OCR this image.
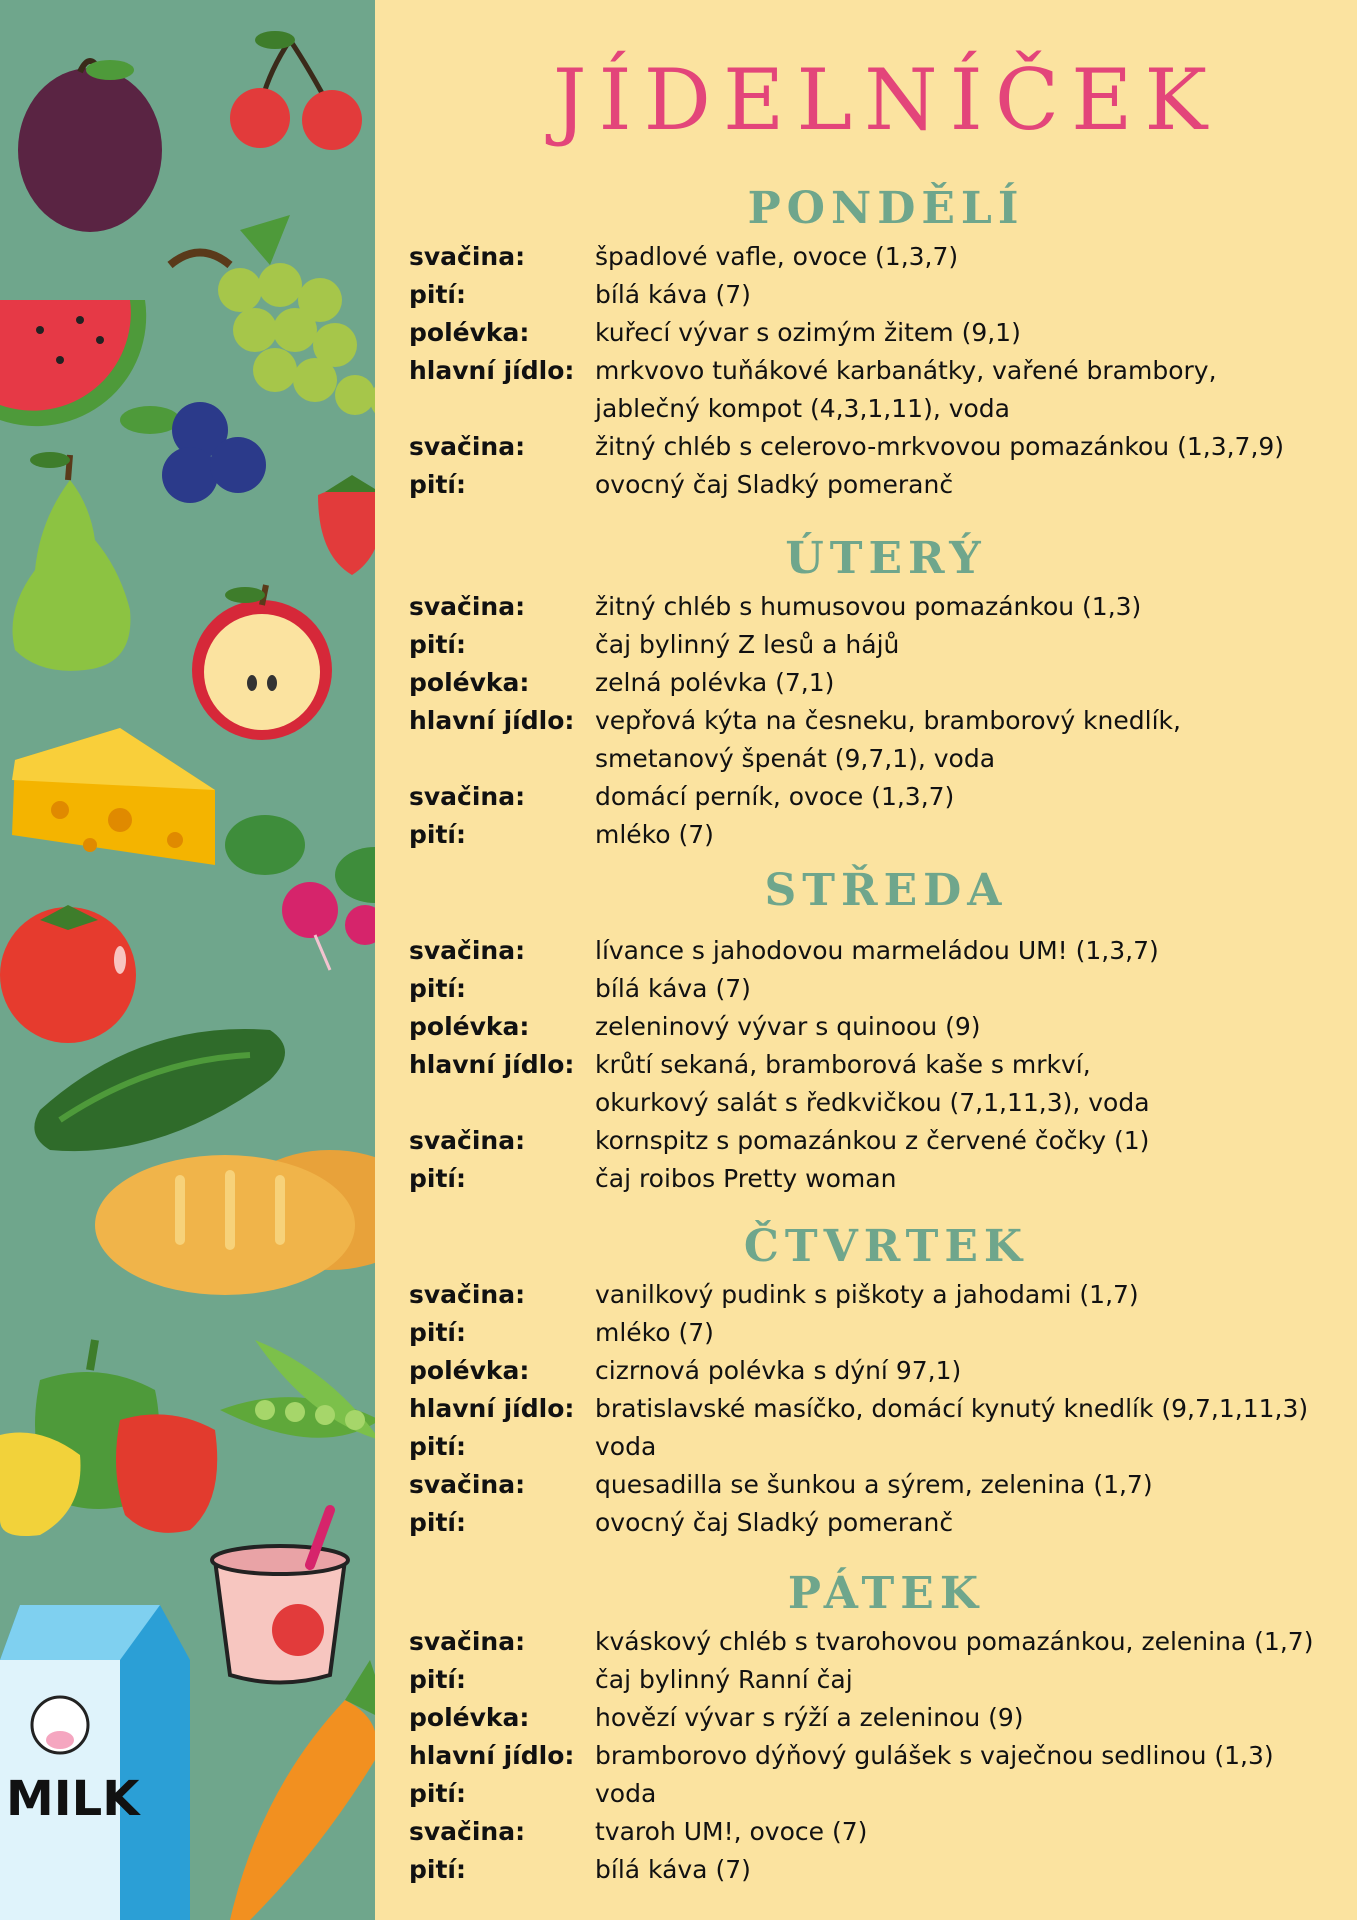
MILK
JÍDELNÍČEK
PONDĚLÍ
svačina:	špadlové vafle, ovoce (1,3,7)
pití:	bílá káva (7)
polévka:	kuřecí vývar s ozimým žitem (9,1)
hlavní jídlo: mrkvovo tuňákové karbanátky, vařené brambory,
jablečný kompot (4,3,1,11), voda
svačina:	žitný chléb s celerovo-mrkvovou pomazánkou (1,3,7,9)
pití:	ovocný čaj Sladký pomeranč
ÚTERÝ
svačina:	žitný chléb s humusovou pomazánkou (1,3)
pití:	čaj bylinný Z lesů a hájů
polévka:	zelná polévka (7,1)
hlavní jídlo: vepřová kýta na česneku, bramborový knedlík,
smetanový špenát (9,7,1), voda
svačina:	domácí perník, ovoce (1,3,7)
pití:	mléko (7)
STŘEDA
svačina:	lívance s jahodovou marmeládou UM! (1,3,7)
pití:	bílá káva (7)
polévka:	zeleninový vývar s quinoou (9)
hlavní jídlo: krůtí sekaná, bramborová kaše s mrkví,
okurkový salát s ředkvičkou (7,1,11,3), voda
svačina:	kornspitz s pomazánkou z červené čočky (1)
pití:	čaj roibos Pretty woman
ČTVRTEK
svačina:	vanilkový pudink s piškoty a jahodami (1,7)
pití:	mléko (7)
polévka:	cizrnová polévka s dýní 97,1)
hlavní jídlo: bratislavské masíčko, domácí kynutý knedlík (9,7,1,11,3)
pití:	voda
svačina:	quesadilla se šunkou a sýrem, zelenina (1,7)
pití:	ovocný čaj Sladký pomeranč
PÁTEK
svačina:	kváskový chléb s tvarohovou pomazánkou, zelenina (1,7)
pití:	čaj bylinný Ranní čaj
polévka:	hovězí vývar s rýží a zeleninou (9)
hlavní jídlo: bramborovo dýňový gulášek s vaječnou sedlinou (1,3)
pití:	voda
svačina:	tvaroh UM!, ovoce (7)
pití:	bílá káva (7)
